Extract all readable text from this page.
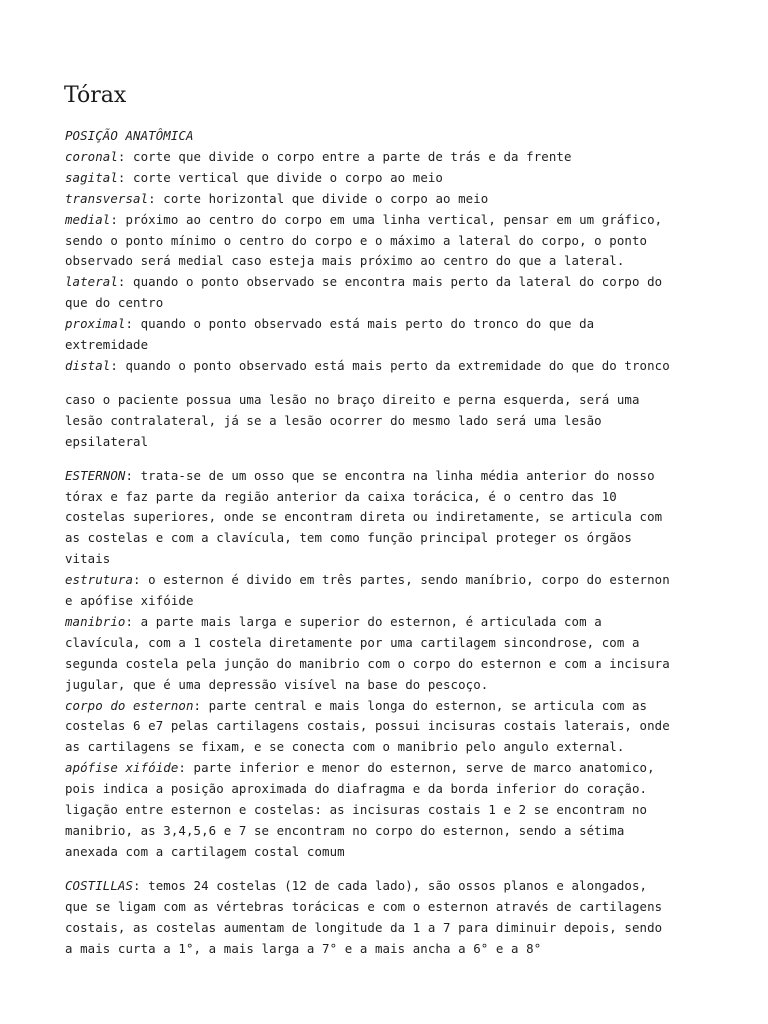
Tórax
POSIÇÃO ANATÔMICA
coronal: corte que divide o corpo entre a parte de trás e da frente
sagital: corte vertical que divide o corpo ao meio
transversal: corte horizontal que divide o corpo ao meio
medial: próximo ao centro do corpo em uma linha vertical, pensar em um gráfico,
sendo o ponto mínimo o centro do corpo e o máximo a lateral do corpo, o ponto
observado será medial caso esteja mais próximo ao centro do que a lateral.
lateral: quando o ponto observado se encontra mais perto da lateral do corpo do
que do centro
proximal: quando o ponto observado está mais perto do tronco do que da
extremidade
distal: quando o ponto observado está mais perto da extremidade do que do tronco
caso o paciente possua uma lesão no braço direito e perna esquerda, será uma
lesão contralateral, já se a lesão ocorrer do mesmo lado será uma lesão
epsilateral
ESTERNON: trata-se de um osso que se encontra na linha média anterior do nosso
tórax e faz parte da região anterior da caixa torácica, é o centro das 10
costelas superiores, onde se encontram direta ou indiretamente, se articula com
as costelas e com a clavícula, tem como função principal proteger os órgãos
vitais
estrutura: o esternon é divido em três partes, sendo maníbrio, corpo do esternon
e apófise xifóide
manibrio: a parte mais larga e superior do esternon, é articulada com a
clavícula, com a 1 costela diretamente por uma cartilagem sincondrose, com a
segunda costela pela junção do manibrio com o corpo do esternon e com a incisura
jugular, que é uma depressão visível na base do pescoço.
corpo do esternon: parte central e mais longa do esternon, se articula com as
costelas 6 e7 pelas cartilagens costais, possui incisuras costais laterais, onde
as cartilagens se fixam, e se conecta com o manibrio pelo angulo external.
apófise xifóide: parte inferior e menor do esternon, serve de marco anatomico,
pois indica a posição aproximada do diafragma e da borda inferior do coração.
ligação entre esternon e costelas: as incisuras costais 1 e 2 se encontram no
manibrio, as 3,4,5,6 e 7 se encontram no corpo do esternon, sendo a sétima
anexada com a cartilagem costal comum
COSTILLAS: temos 24 costelas (12 de cada lado), são ossos planos e alongados,
que se ligam com as vértebras torácicas e com o esternon através de cartilagens
costais, as costelas aumentam de longitude da 1 a 7 para diminuir depois, sendo
a mais curta a 1°, a mais larga a 7° e a mais ancha a 6° e a 8°
